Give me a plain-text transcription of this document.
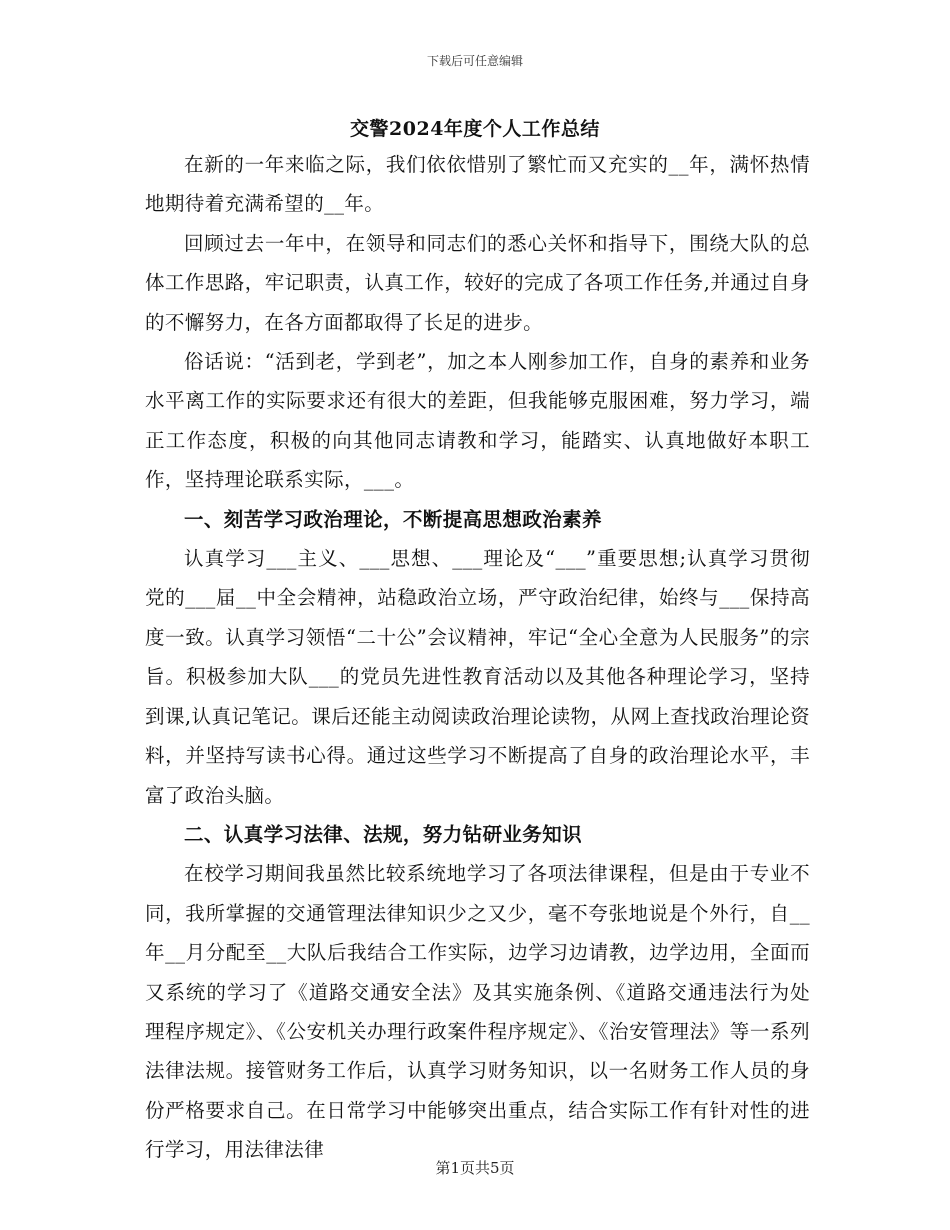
下载后可任意编辑
交警2024年度个人工作总结

在新的一年来临之际，我们依依惜别了繁忙而又充实的__年，满怀热情地期待着充满希望的__年。

回顾过去一年中，在领导和同志们的悉心关怀和指导下，围绕大队的总体工作思路，牢记职责，认真工作，较好的完成了各项工作任务,并通过自身的不懈努力，在各方面都取得了长足的进步。

俗话说：“活到老，学到老”，加之本人刚参加工作，自身的素养和业务水平离工作的实际要求还有很大的差距，但我能够克服困难，努力学习，端正工作态度，积极的向其他同志请教和学习，能踏实、认真地做好本职工作，坚持理论联系实际，___。

一、刻苦学习政治理论，不断提高思想政治素养

认真学习___主义、___思想、___理论及“___”重要思想;认真学习贯彻党的___届__中全会精神，站稳政治立场，严守政治纪律，始终与___保持高度一致。认真学习领悟“二十公”会议精神，牢记“全心全意为人民服务”的宗旨。积极参加大队___的党员先进性教育活动以及其他各种理论学习，坚持到课,认真记笔记。课后还能主动阅读政治理论读物，从网上查找政治理论资料，并坚持写读书心得。通过这些学习不断提高了自身的政治理论水平，丰富了政治头脑。

二、认真学习法律、法规，努力钻研业务知识

在校学习期间我虽然比较系统地学习了各项法律课程，但是由于专业不同，我所掌握的交通管理法律知识少之又少，毫不夸张地说是个外行，自__年__月分配至__大队后我结合工作实际，边学习边请教，边学边用，全面而又系统的学习了《道路交通安全法》及其实施条例、《道路交通违法行为处理程序规定》、《公安机关办理行政案件程序规定》、《治安管理法》等一系列法律法规。接管财务工作后，认真学习财务知识，以一名财务工作人员的身份严格要求自己。在日常学习中能够突出重点，结合实际工作有针对性的进行学习，用法律法律

第1页共5页
